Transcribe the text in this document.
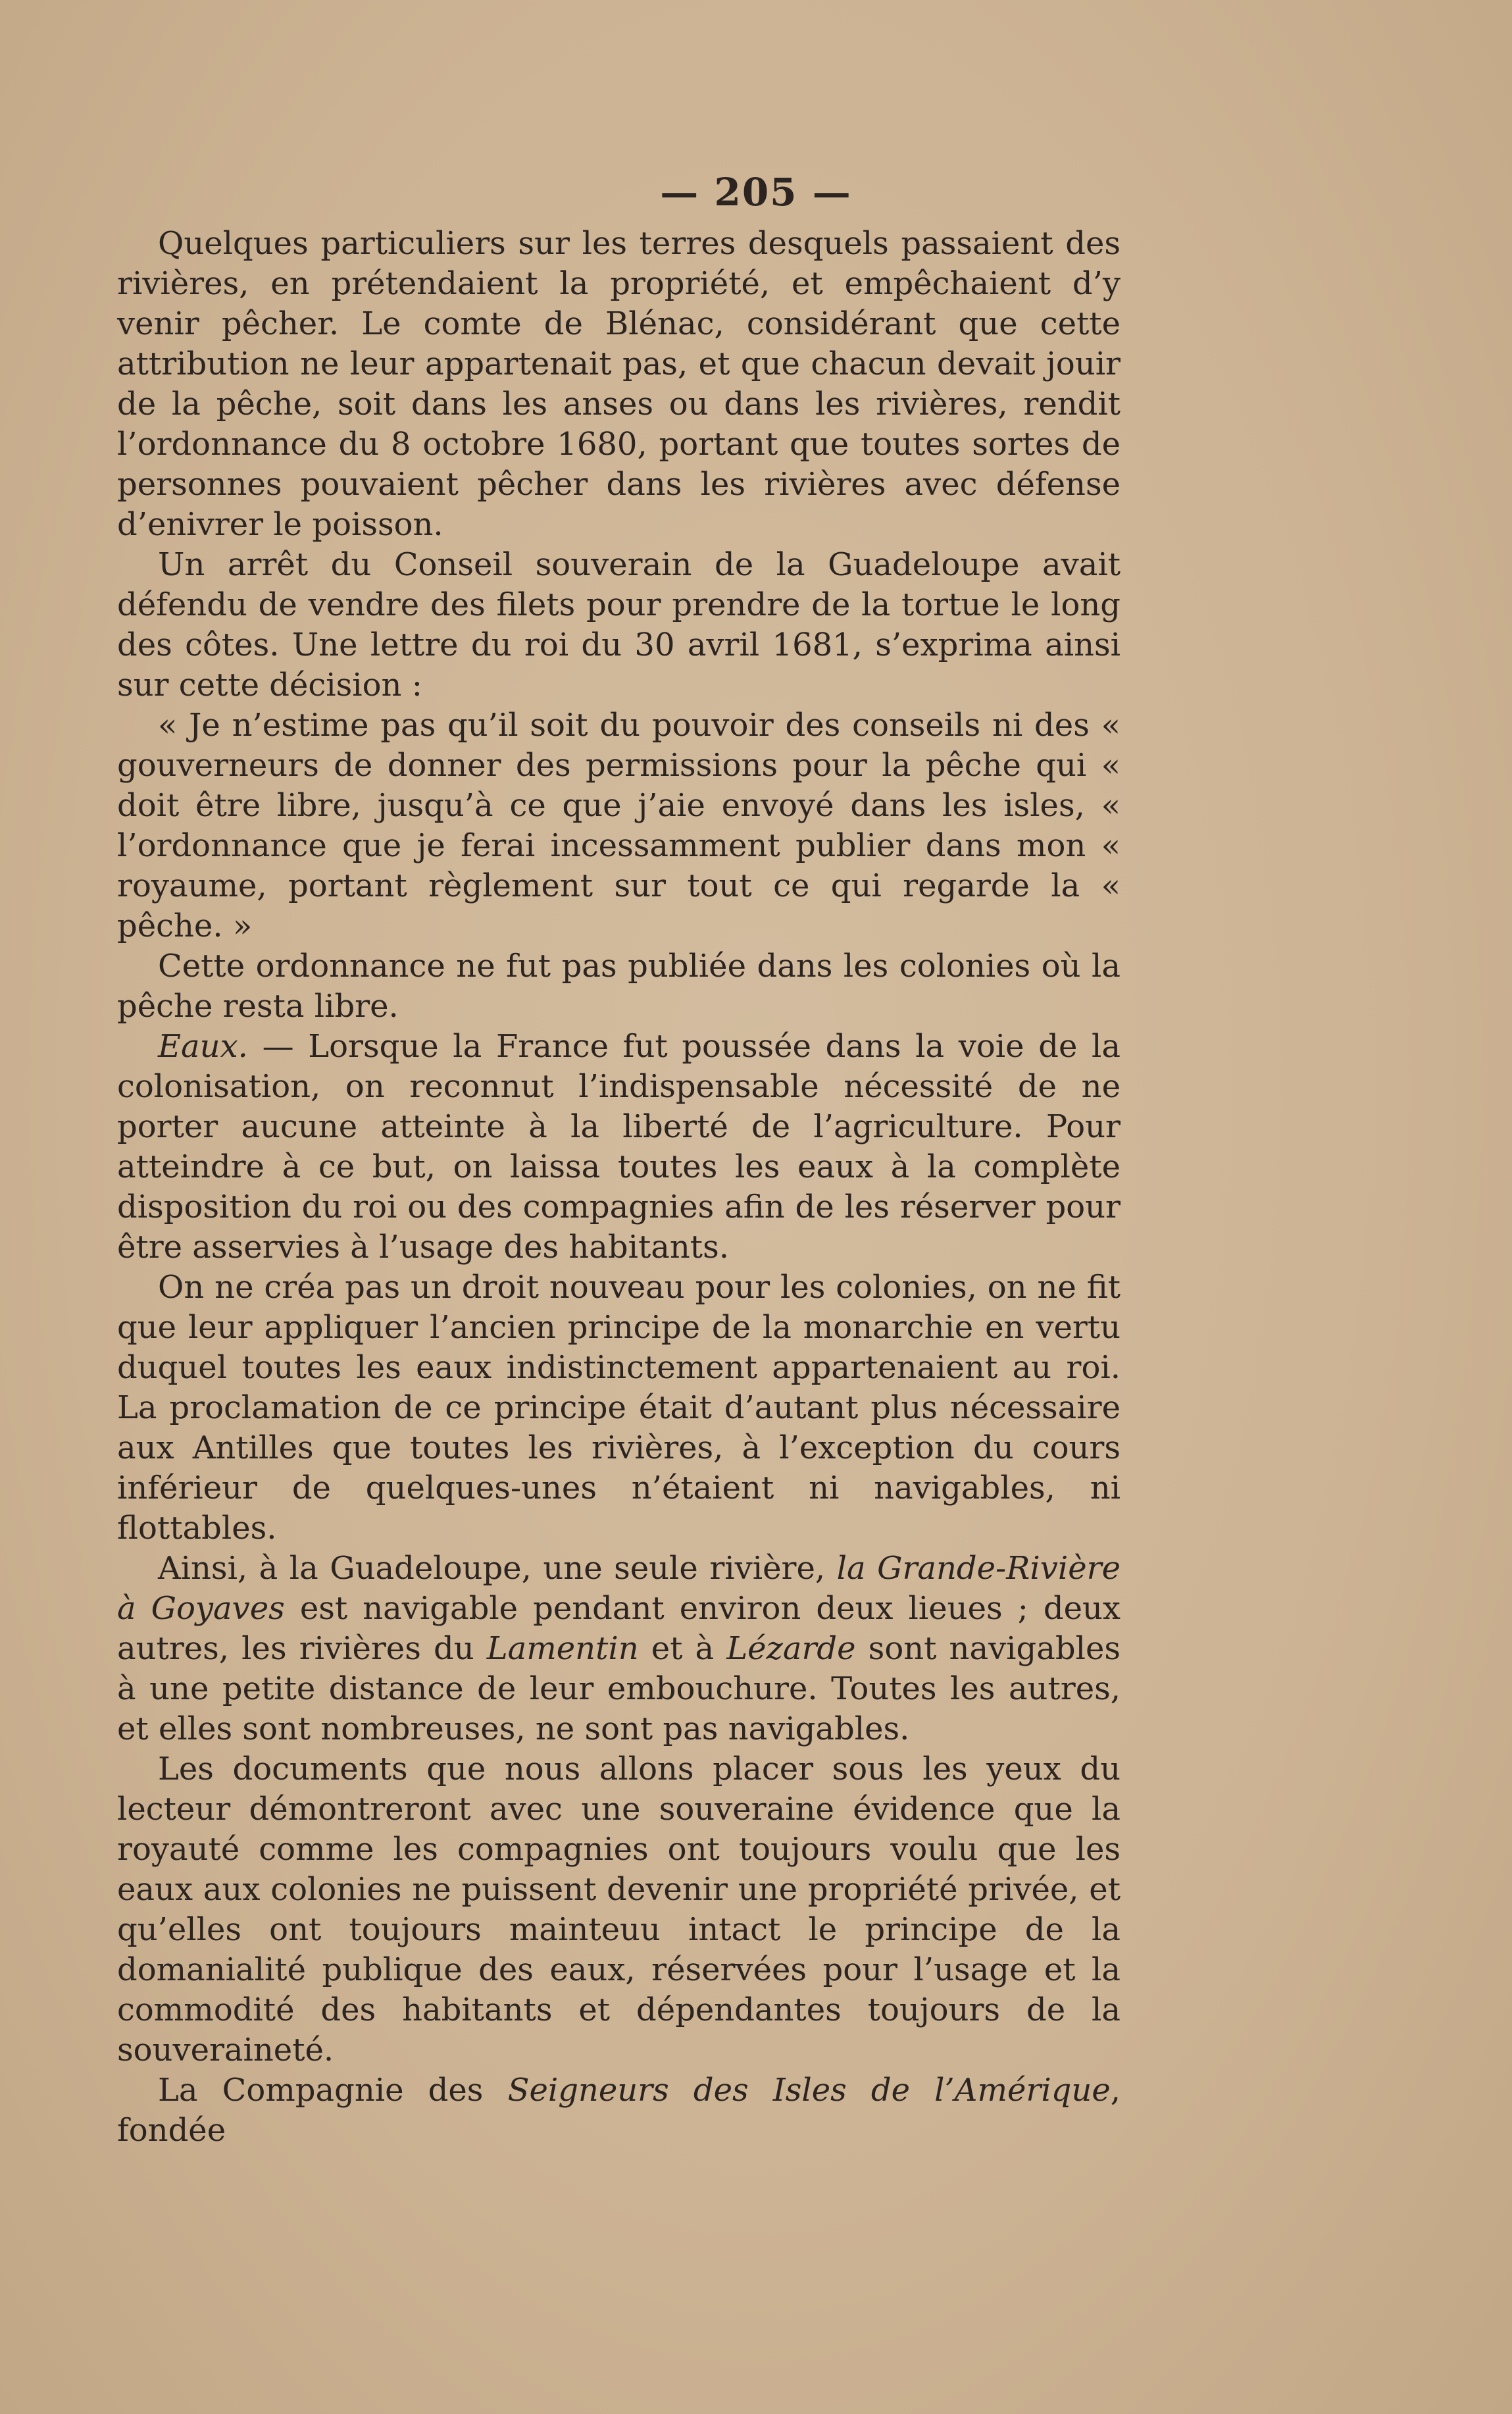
— 205 —

Quelques particuliers sur les terres desquels passaient des rivières, en prétendaient la propriété, et empêchaient d’y venir pêcher. Le comte de Blénac, considérant que cette attribution ne leur appartenait pas, et que chacun devait jouir de la pêche, soit dans les anses ou dans les rivières, rendit l’ordonnance du 8 octobre 1680, portant que toutes sortes de personnes pouvaient pêcher dans les rivières avec défense d’enivrer le poisson.

Un arrêt du Conseil souverain de la Guadeloupe avait défendu de vendre des filets pour prendre de la tortue le long des côtes. Une lettre du roi du 30 avril 1681, s’exprima ainsi sur cette décision :

« Je n’estime pas qu’il soit du pouvoir des conseils ni des « gouverneurs de donner des permissions pour la pêche qui « doit être libre, jusqu’à ce que j’aie envoyé dans les isles, « l’ordonnance que je ferai incessamment publier dans mon « royaume, portant règlement sur tout ce qui regarde la « pêche. »

Cette ordonnance ne fut pas publiée dans les colonies où la pêche resta libre.

Eaux. — Lorsque la France fut poussée dans la voie de la colonisation, on reconnut l’indispensable nécessité de ne porter aucune atteinte à la liberté de l’agriculture. Pour atteindre à ce but, on laissa toutes les eaux à la complète disposition du roi ou des compagnies afin de les réserver pour être asservies à l’usage des habitants.

On ne créa pas un droit nouveau pour les colonies, on ne fit que leur appliquer l’ancien principe de la monarchie en vertu duquel toutes les eaux indistinctement appartenaient au roi. La proclamation de ce principe était d’autant plus nécessaire aux Antilles que toutes les rivières, à l’exception du cours inférieur de quelques-unes n’étaient ni navigables, ni flottables.

Ainsi, à la Guadeloupe, une seule rivière, la Grande-Rivière à Goyaves est navigable pendant environ deux lieues ; deux autres, les rivières du Lamentin et à Lézarde sont navigables à une petite distance de leur embouchure. Toutes les autres, et elles sont nombreuses, ne sont pas navigables.

Les documents que nous allons placer sous les yeux du lecteur démontreront avec une souveraine évidence que la royauté comme les compagnies ont toujours voulu que les eaux aux colonies ne puissent devenir une propriété privée, et qu’elles ont toujours mainteuu intact le principe de la domanialité publique des eaux, réservées pour l’usage et la commodité des habitants et dépendantes toujours de la souveraineté.

La Compagnie des Seigneurs des Isles de l’Amérique, fondée
